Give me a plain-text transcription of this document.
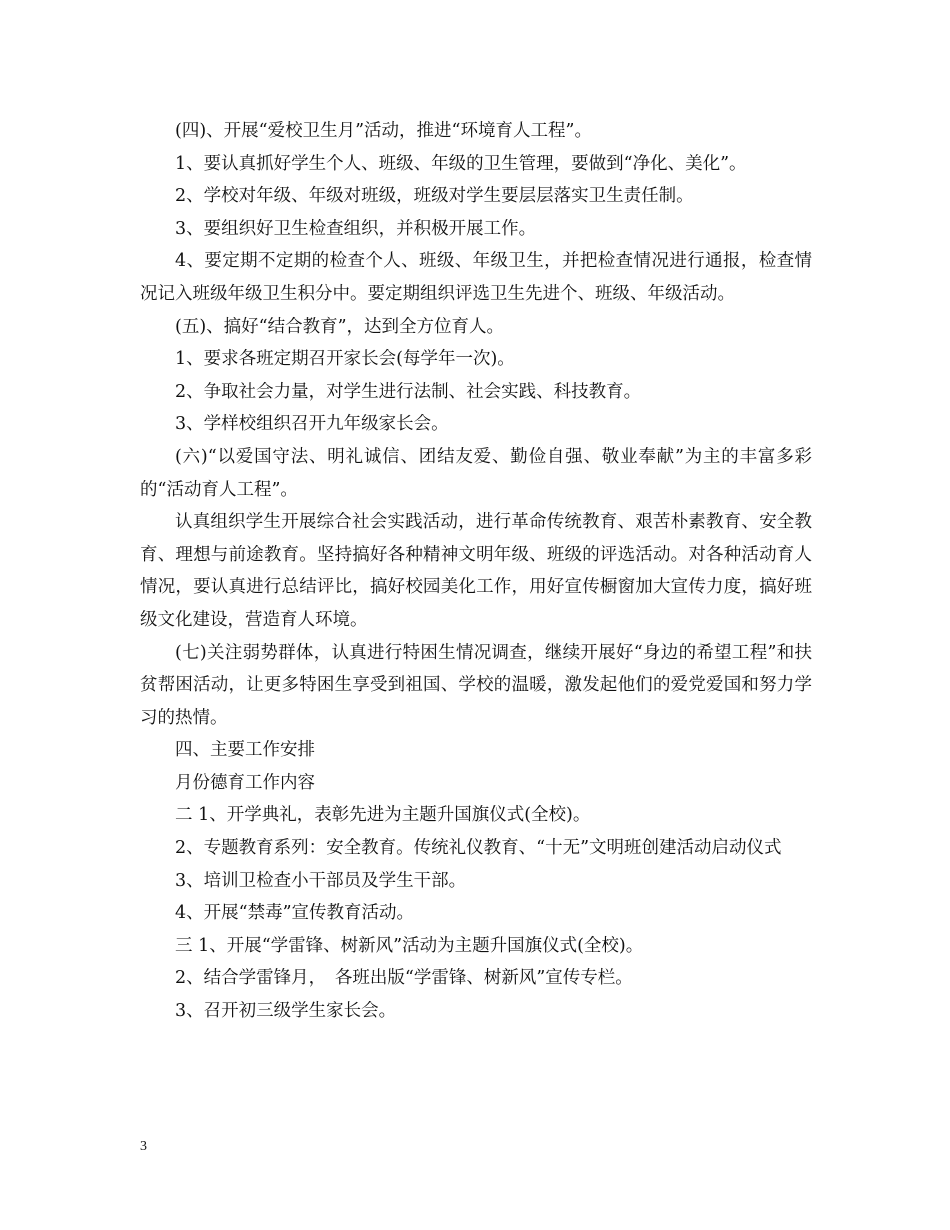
(四)、开展“爱校卫生月”活动，推进“环境育人工程”。

1、要认真抓好学生个人、班级、年级的卫生管理，要做到“净化、美化”。

2、学校对年级、年级对班级，班级对学生要层层落实卫生责任制。

3、要组织好卫生检查组织，并积极开展工作。

4、要定期不定期的检查个人、班级、年级卫生，并把检查情况进行通报，检查情况记入班级年级卫生积分中。要定期组织评选卫生先进个、班级、年级活动。

(五)、搞好“结合教育”，达到全方位育人。

1、要求各班定期召开家长会(每学年一次)。

2、争取社会力量，对学生进行法制、社会实践、科技教育。

3、学样校组织召开九年级家长会。

(六)“以爱国守法、明礼诚信、团结友爱、勤俭自强、敬业奉献”为主的丰富多彩的“活动育人工程”。

认真组织学生开展综合社会实践活动，进行革命传统教育、艰苦朴素教育、安全教育、理想与前途教育。坚持搞好各种精神文明年级、班级的评选活动。对各种活动育人情况，要认真进行总结评比，搞好校园美化工作，用好宣传橱窗加大宣传力度，搞好班级文化建设，营造育人环境。

(七)关注弱势群体，认真进行特困生情况调查，继续开展好“身边的希望工程”和扶贫帮困活动，让更多特困生享受到祖国、学校的温暖，激发起他们的爱党爱国和努力学习的热情。

四、主要工作安排

月份德育工作内容

二 1、开学典礼，表彰先进为主题升国旗仪式(全校)。

2、专题教育系列：安全教育。传统礼仪教育、“十无”文明班创建活动启动仪式

3、培训卫检查小干部员及学生干部。

4、开展“禁毒”宣传教育活动。

三 1、开展“学雷锋、树新风”活动为主题升国旗仪式(全校)。

2、结合学雷锋月，　各班出版“学雷锋、树新风”宣传专栏。

3、召开初三级学生家长会。

3
